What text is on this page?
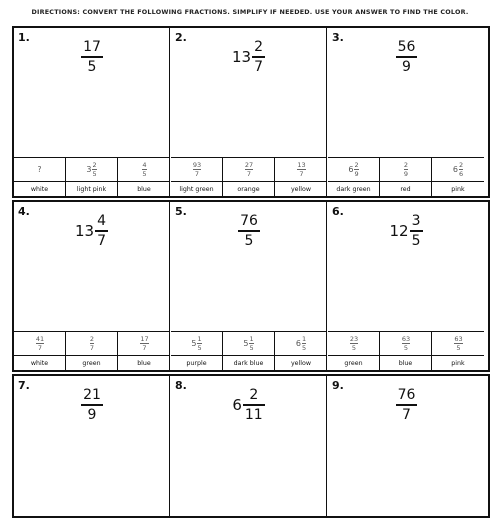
DIRECTIONS: CONVERT THE FOLLOWING FRACTIONS. SIMPLIFY IF NEEDED. USE YOUR ANSWER TO FIND THE COLOR.
1.
$\frac{17}{5}$
?
white
$3 \frac{2}{5}$
light pink
$\frac{4}{5}$
blue
2.
$13 \frac{2}{7}$
$\frac{93}{7}$
light green
$\frac{27}{7}$
orange
$\frac{13}{7}$
yellow
3.
$\frac{56}{9}$
$6 \frac{2}{9}$
dark green
$\frac{2}{9}$
red
$6 \frac{2}{6}$
pink
4.
$13 \frac{4}{7}$
$\frac{41}{7}$
white
$\frac{2}{7}$
green
$\frac{17}{7}$
blue
5.
$\frac{76}{5}$
$5 \frac{1}{5}$
purple
$5 \frac{1}{5}$
dark blue
$6 \frac{1}{5}$
yellow
6.
$12 \frac{3}{5}$
$\frac{23}{5}$
green
$\frac{63}{5}$
blue
$\frac{63}{5}$
pink
7.
$\frac{21}{9}$
8.
$6 \frac{2}{11}$
9.
$\frac{76}{7}$
